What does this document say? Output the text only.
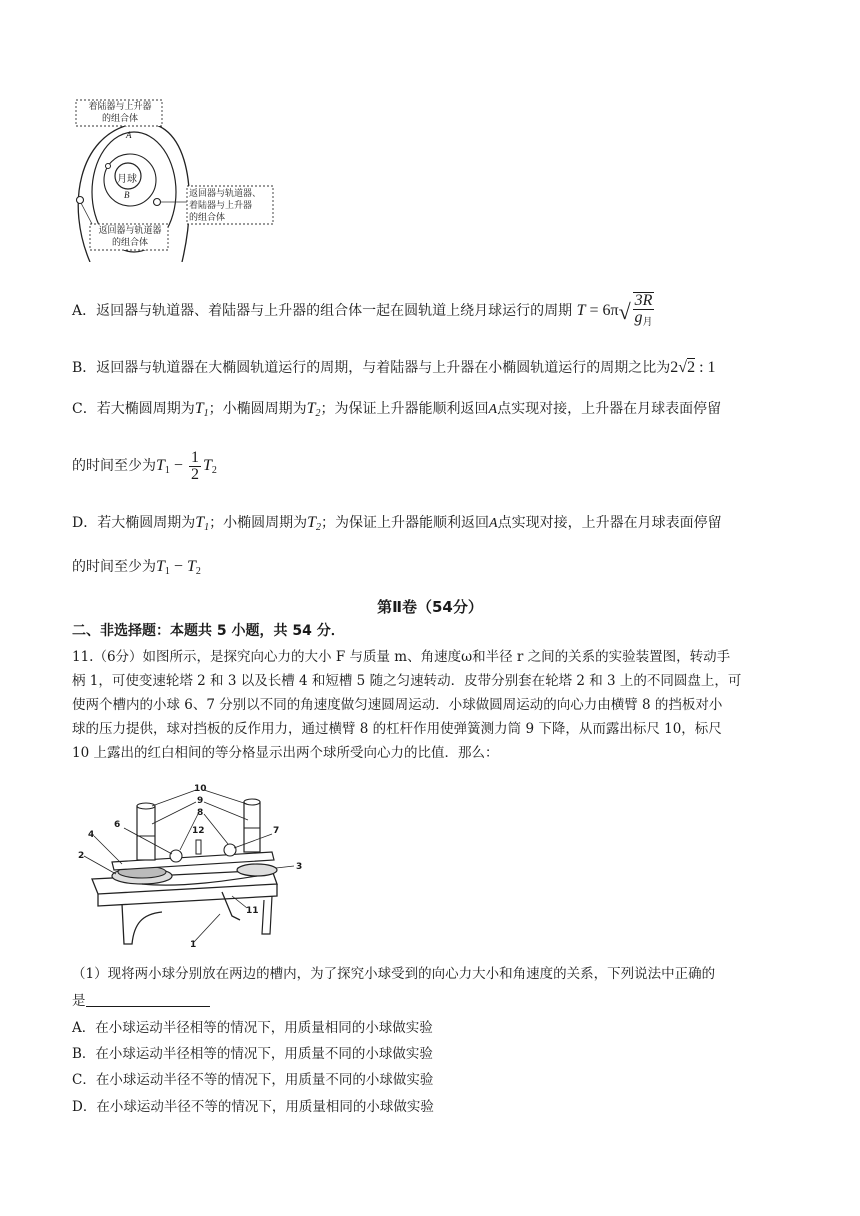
着陆器与上升器
的组合体
A
月球
B	返回器与轨道器、
着陆器与上升器
的组合体
返回器与轨道器
的组合体
A．返回器与轨道器、着陆器与上升器的组合体一起在圆轨道上绕月球运行的周期 $T = 6\pi√ \frac{3R}{g_月}$
B．返回器与轨道器在大椭圆轨道运行的周期，与着陆器与上升器在小椭圆轨道运行的周期之比为2√2 : 1
C．若大椭圆周期为$T_1$；小椭圆周期为$T_2$；为保证上升器能顺利返回A点实现对接，上升器在月球表面停留
的时间至少为$T_1 - \frac{1}{2} T_2$
D．若大椭圆周期为$T_1$；小椭圆周期为$T_2$；为保证上升器能顺利返回A点实现对接，上升器在月球表面停留
的时间至少为$T_1 - T_2$
第Ⅱ卷（54分）
二、非选择题：本题共 5 小题，共 54 分．
11.（6分）如图所示，是探究向心力的大小 F 与质量 m、角速度ω和半径 r 之间的关系的实验装置图，转动手
柄 1，可使变速轮塔 2 和 3 以及长槽 4 和短槽 5 随之匀速转动．皮带分别套在轮塔 2 和 3 上的不同圆盘上，可
使两个槽内的小球 6、7 分别以不同的角速度做匀速圆周运动．小球做圆周运动的向心力由横臂 8 的挡板对小
球的压力提供，球对挡板的反作用力，通过横臂 8 的杠杆作用使弹簧测力筒 9 下降，从而露出标尺 10，标尺
10 上露出的红白相间的等分格显示出两个球所受向心力的比值．那么：
10
9
8
6
12	7
4
2
3
11
1
（1）现将两小球分别放在两边的槽内，为了探究小球受到的向心力大小和角速度的关系，下列说法中正确的
是
A．在小球运动半径相等的情况下，用质量相同的小球做实验
B．在小球运动半径相等的情况下，用质量不同的小球做实验
C．在小球运动半径不等的情况下，用质量不同的小球做实验
D．在小球运动半径不等的情况下，用质量相同的小球做实验
